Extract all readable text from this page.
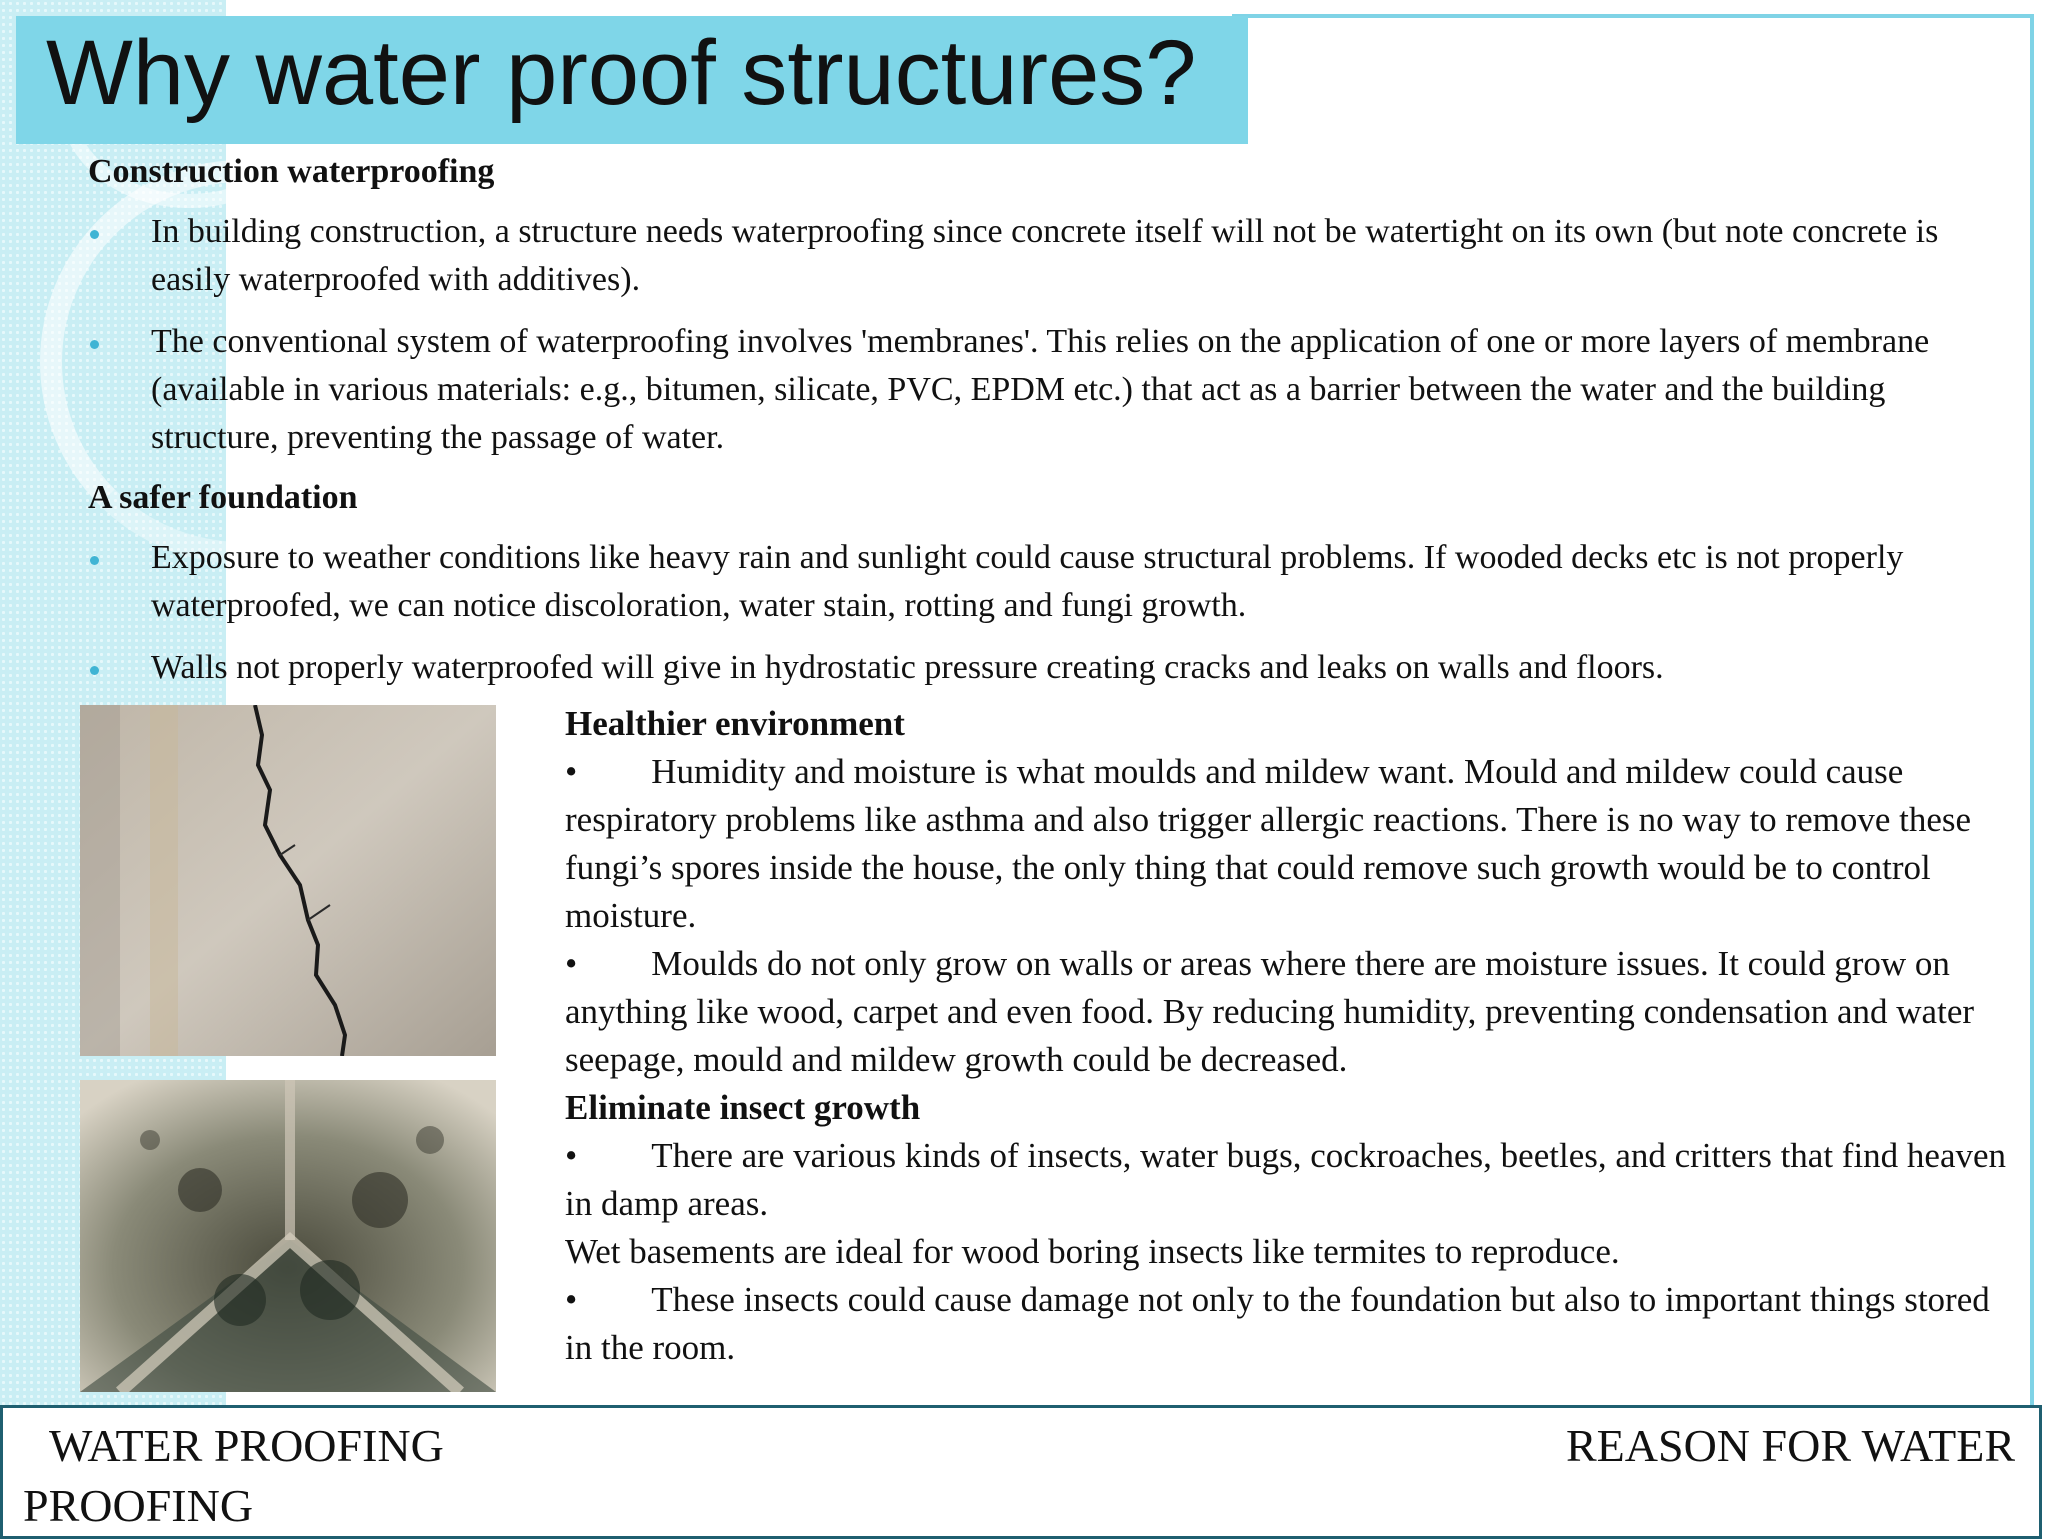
Why water proof structures?

Construction waterproofing

In building construction, a structure needs waterproofing since concrete itself will not be watertight on its own (but note concrete is easily waterproofed with additives).
The conventional system of waterproofing involves 'membranes'. This relies on the application of one or more layers of membrane (available in various materials: e.g., bitumen, silicate, PVC, EPDM etc.) that act as a barrier between the water and the building structure, preventing the passage of water.

A safer foundation

Exposure to weather conditions like heavy rain and sunlight could cause structural problems. If wooded decks etc is not properly waterproofed, we can notice discoloration, water stain, rotting and fungi growth.
Walls not properly waterproofed will give in hydrostatic pressure creating cracks and leaks on walls and floors.
Healthier environment
• Humidity and moisture is what moulds and mildew want. Mould and mildew could cause respiratory problems like asthma and also trigger allergic reactions. There is no way to remove these fungi’s spores inside the house, the only thing that could remove such growth would be to control moisture.
• Moulds do not only grow on walls or areas where there are moisture issues. It could grow on anything like wood, carpet and even food. By reducing humidity, preventing condensation and water seepage, mould and mildew growth could be decreased.
Eliminate insect growth
• There are various kinds of insects, water bugs, cockroaches, beetles, and critters that find heaven in damp areas.
Wet basements are ideal for wood boring insects like termites to reproduce.
• These insects could cause damage not only to the foundation but also to important things stored in the room.
WATER PROOFING
PROOFING
REASON FOR WATER
